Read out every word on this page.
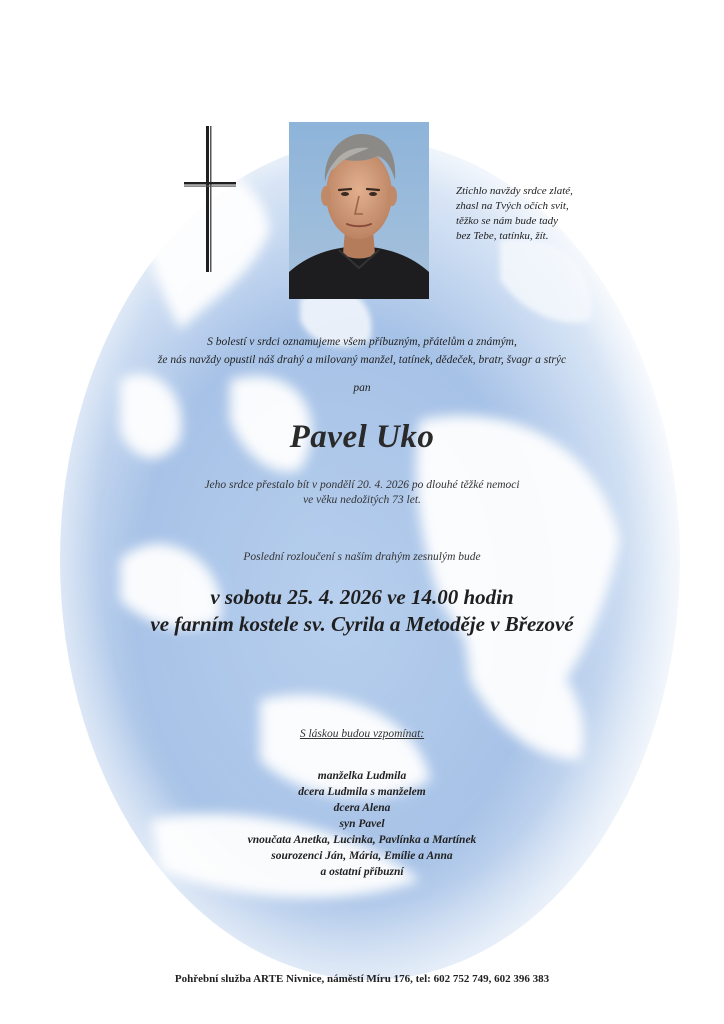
Ztichlo navždy srdce zlaté,
zhasl na Tvých očích svit,
těžko se nám bude tady
bez Tebe, tatínku, žít.
S bolestí v srdci oznamujeme všem příbuzným, přátelům a známým,
že nás navždy opustil náš drahý a milovaný manžel, tatínek, dědeček, bratr, švagr a strýc
pan
Pavel Uko
Jeho srdce přestalo bít v pondělí 20. 4. 2026 po dlouhé těžké nemoci
ve věku nedožitých 73 let.
Poslední rozloučení s naším drahým zesnulým bude
v sobotu 25. 4. 2026 ve 14.00 hodin
ve farním kostele sv. Cyrila a Metoděje v Březové
S láskou budou vzpomínat:
manželka Ludmila
dcera Ludmila s manželem
dcera Alena
syn Pavel
vnoučata Anetka, Lucinka, Pavlínka a Martínek
sourozenci Ján, Mária, Emílie a Anna
a ostatní příbuzní
Pohřební služba ARTE Nivnice, náměstí Míru 176, tel: 602 752 749, 602 396 383
